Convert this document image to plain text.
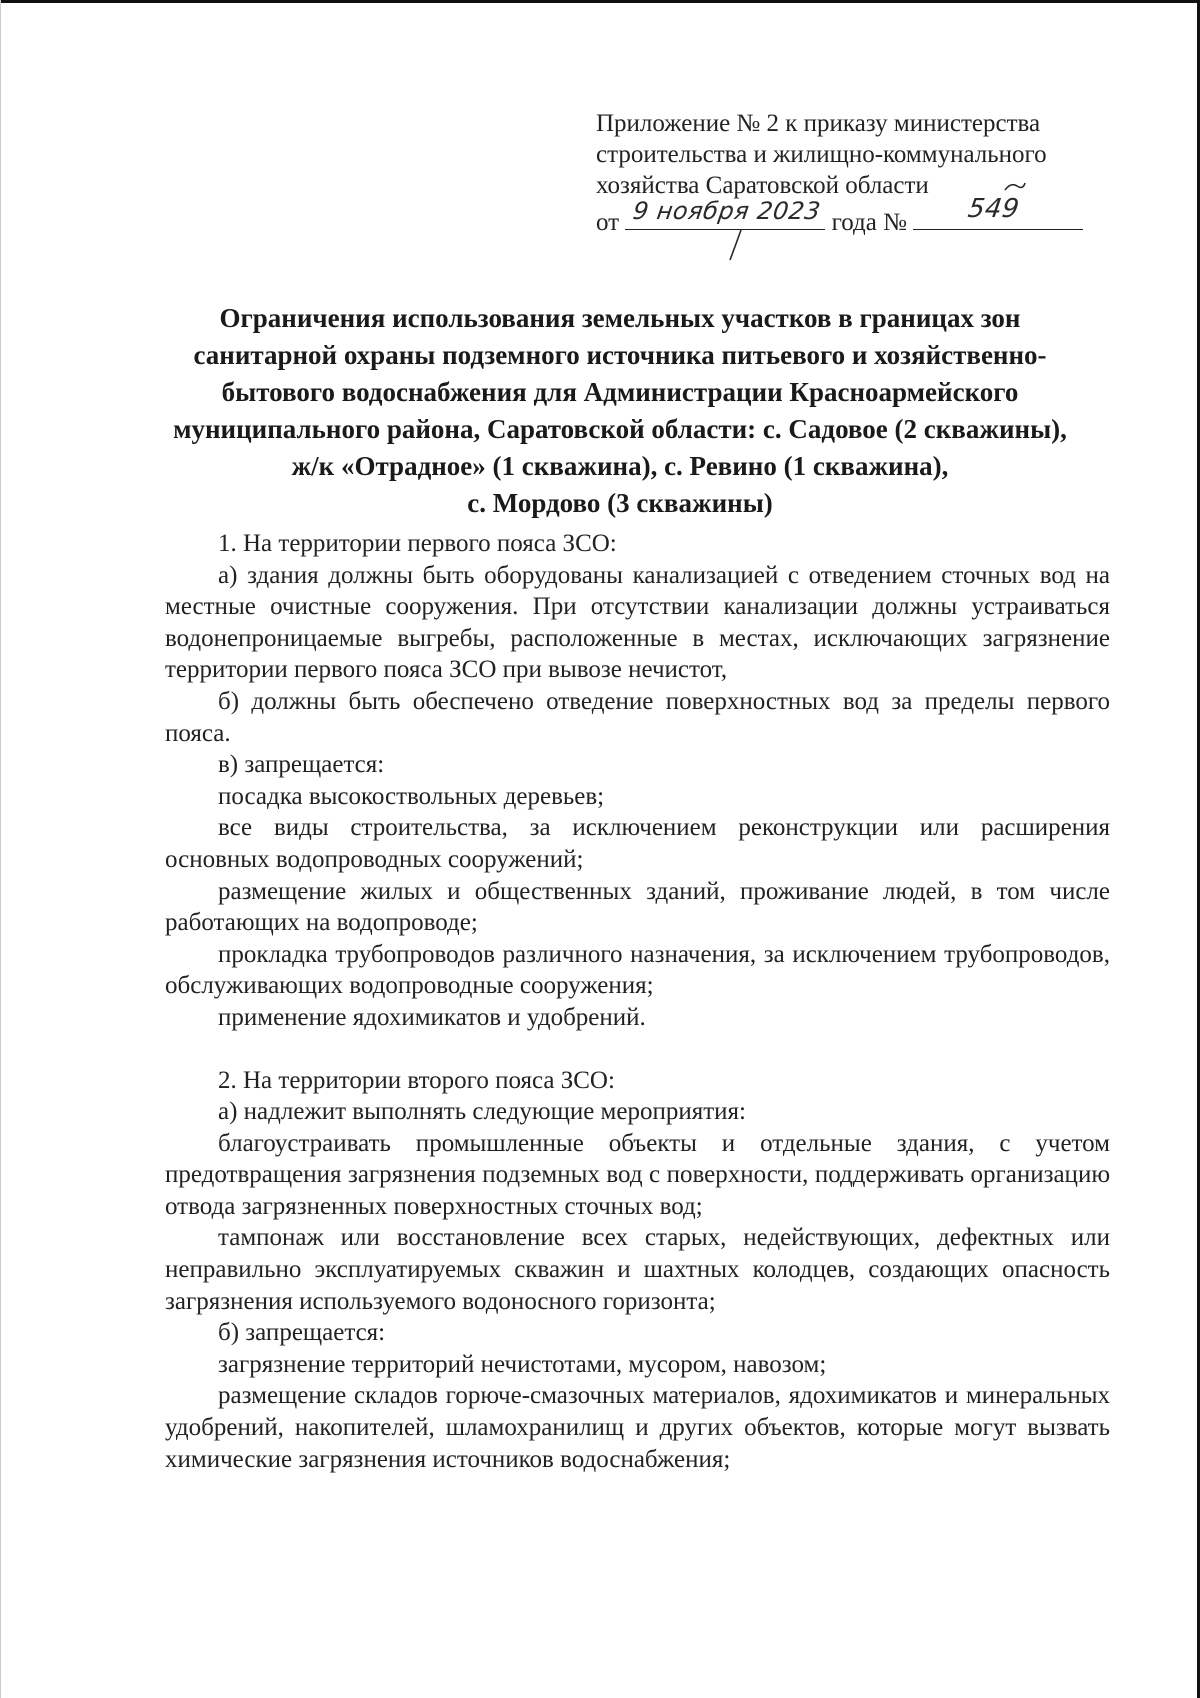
Приложение № 2 к приказу министерства
строительства и жилищно-коммунального
хозяйства Саратовской области
от 9 ноября 2023 года № 549
Ограничения использования земельных участков в границах зон
санитарной охраны подземного источника питьевого и хозяйственно-
бытового водоснабжения для Администрации Красноармейского
муниципального района, Саратовской области: с. Садовое (2 скважины),
ж/к «Отрадное» (1 скважина), с. Ревино (1 скважина),
с. Мордово (3 скважины)

1. На территории первого пояса ЗСО:

а) здания должны быть оборудованы канализацией с отведением сточных вод на местные очистные сооружения. При отсутствии канализации должны устраиваться водонепроницаемые выгребы, расположенные в местах, исключающих загрязнение территории первого пояса ЗСО при вывозе нечистот,

б) должны быть обеспечено отведение поверхностных вод за пределы первого пояса.

в) запрещается:

посадка высокоствольных деревьев;

все виды строительства, за исключением реконструкции или расширения основных водопроводных сооружений;

размещение жилых и общественных зданий, проживание людей, в том числе работающих на водопроводе;

прокладка трубопроводов различного назначения, за исключением трубопроводов, обслуживающих водопроводные сооружения;

применение ядохимикатов и удобрений.

2. На территории второго пояса ЗСО:

а) надлежит выполнять следующие мероприятия:

благоустраивать промышленные объекты и отдельные здания, с учетом предотвращения загрязнения подземных вод с поверхности, поддерживать организацию отвода загрязненных поверхностных сточных вод;

тампонаж или восстановление всех старых, недействующих, дефектных или неправильно эксплуатируемых скважин и шахтных колодцев, создающих опасность загрязнения используемого водоносного горизонта;

б) запрещается:

загрязнение территорий нечистотами, мусором, навозом;

размещение складов горюче-смазочных материалов, ядохимикатов и минеральных удобрений, накопителей, шламохранилищ и других объектов, которые могут вызвать химические загрязнения источников водоснабжения;
